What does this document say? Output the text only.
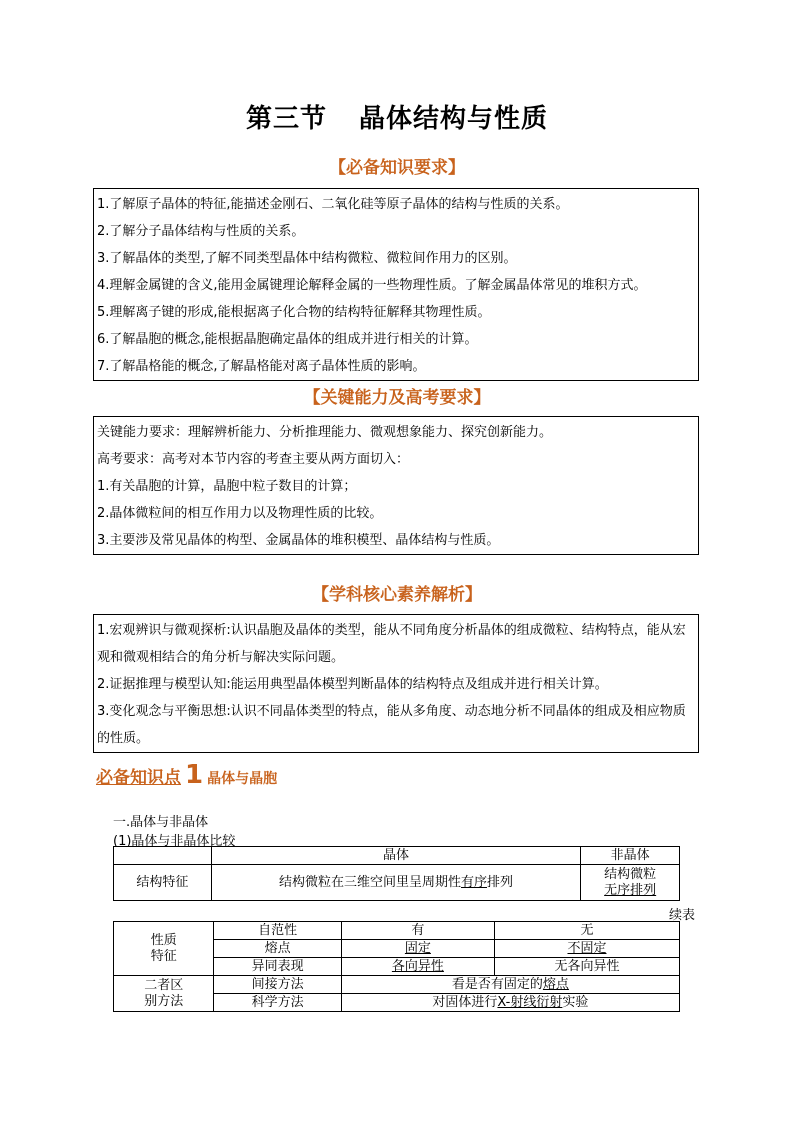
第三节 晶体结构与性质
【必备知识要求】
1.了解原子晶体的特征,能描述金刚石、二氧化硅等原子晶体的结构与性质的关系。
2.了解分子晶体结构与性质的关系。
3.了解晶体的类型,了解不同类型晶体中结构微粒、微粒间作用力的区别。
4.理解金属键的含义,能用金属键理论解释金属的一些物理性质。了解金属晶体常见的堆积方式。
5.理解离子键的形成,能根据离子化合物的结构特征解释其物理性质。
6.了解晶胞的概念,能根据晶胞确定晶体的组成并进行相关的计算。
7.了解晶格能的概念,了解晶格能对离子晶体性质的影响。
【关键能力及高考要求】
关键能力要求：理解辨析能力、分析推理能力、微观想象能力、探究创新能力。
高考要求：高考对本节内容的考查主要从两方面切入：
1.有关晶胞的计算，晶胞中粒子数目的计算；
2.晶体微粒间的相互作用力以及物理性质的比较。
3.主要涉及常见晶体的构型、金属晶体的堆积模型、晶体结构与性质。
【学科核心素养解析】
1.宏观辨识与微观探析:认识晶胞及晶体的类型，能从不同角度分析晶体的组成微粒、结构特点，能从宏观和微观相结合的角分析与解决实际问题。
2.证据推理与模型认知:能运用典型晶体模型判断晶体的结构特点及组成并进行相关计算。
3.变化观念与平衡思想:认识不同晶体类型的特点，能从多角度、动态地分析不同晶体的组成及相应物质的性质。
必备知识点 1 晶体与晶胞
一.晶体与非晶体
(1)晶体与非晶体比较
	晶体	非晶体
结构特征	结构微粒在三维空间里呈周期性有序排列	结构微粒
无序排列
续表
性质
特征	自范性	有	无
	熔点	固定	不固定
	异同表现	各向异性	无各向异性

二者区
别方法	间接方法	看是否有固定的熔点	
	科学方法	对固体进行X-射线衍射实验	
